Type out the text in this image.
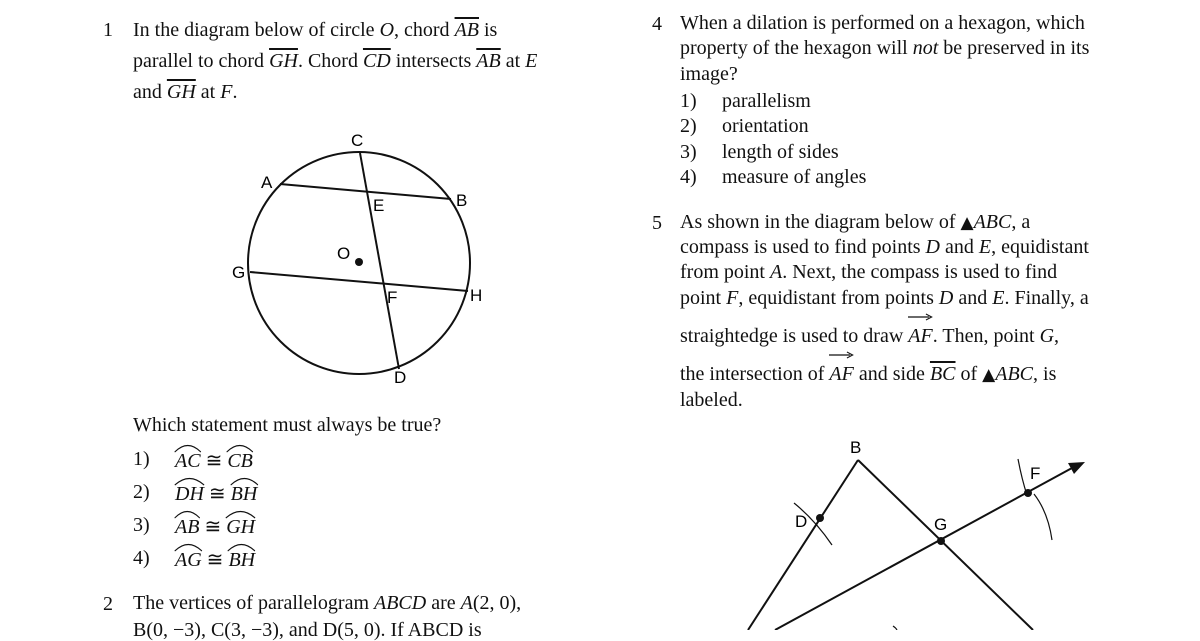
1 In the diagram below of circle O, chord $\overline{AB}$ is
parallel to chord $\overline{GH}$. Chord $\overline{CD}$ intersects $\overline{AB}$ at E
and $\overline{GH}$ at F.
C
A
B
E
O
G
F	H
D
Which statement must always be true?
1) AC ≅ CB
2) DH ≅ BH
3) AB ≅ GH
4) AG ≅ BH
2 The vertices of parallelogram ABCD are A(2, 0),
B(0, −3), C(3, −3), and D(5, 0). If ABCD is
4 When a dilation is performed on a hexagon, which
property of the hexagon will not be preserved in its
image?
1) parallelism
2) orientation
3) length of sides
4) measure of angles
5 As shown in the diagram below of ▲ABC, a
compass is used to find points D and E, equidistant
from point A. Next, the compass is used to find
point F, equidistant from points D and E. Finally, a
straightedge is used to draw
AF. Then, point G,
the intersection of
AF and side $\overline{BC}$ of ▲ABC, is
labeled.
B
D	G
F
